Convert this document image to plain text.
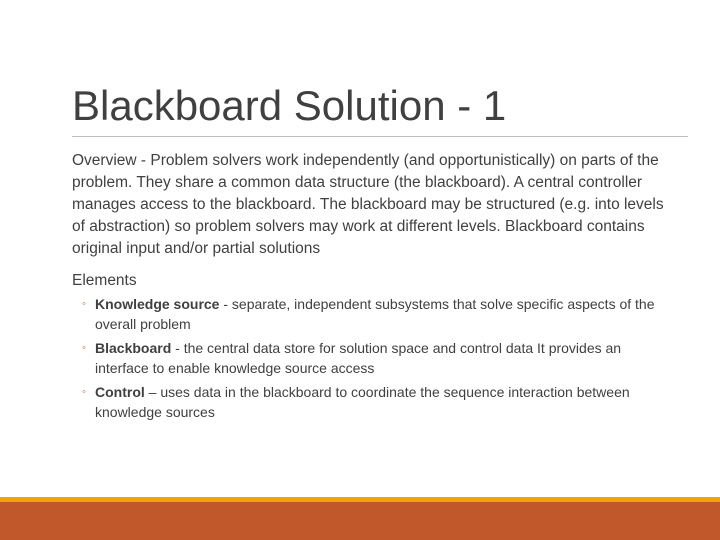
Blackboard Solution - 1

Overview - Problem solvers work independently (and opportunistically) on parts of the problem. They share a common data structure (the blackboard). A central controller manages access to the blackboard. The blackboard may be structured (e.g. into levels of abstraction) so problem solvers may work at different levels. Blackboard contains original input and/or partial solutions

Elements

◦ Knowledge source - separate, independent subsystems that solve specific aspects of the overall problem
◦ Blackboard - the central data store for solution space and control data It provides an interface to enable knowledge source access
◦ Control – uses data in the blackboard to coordinate the sequence interaction between knowledge sources
